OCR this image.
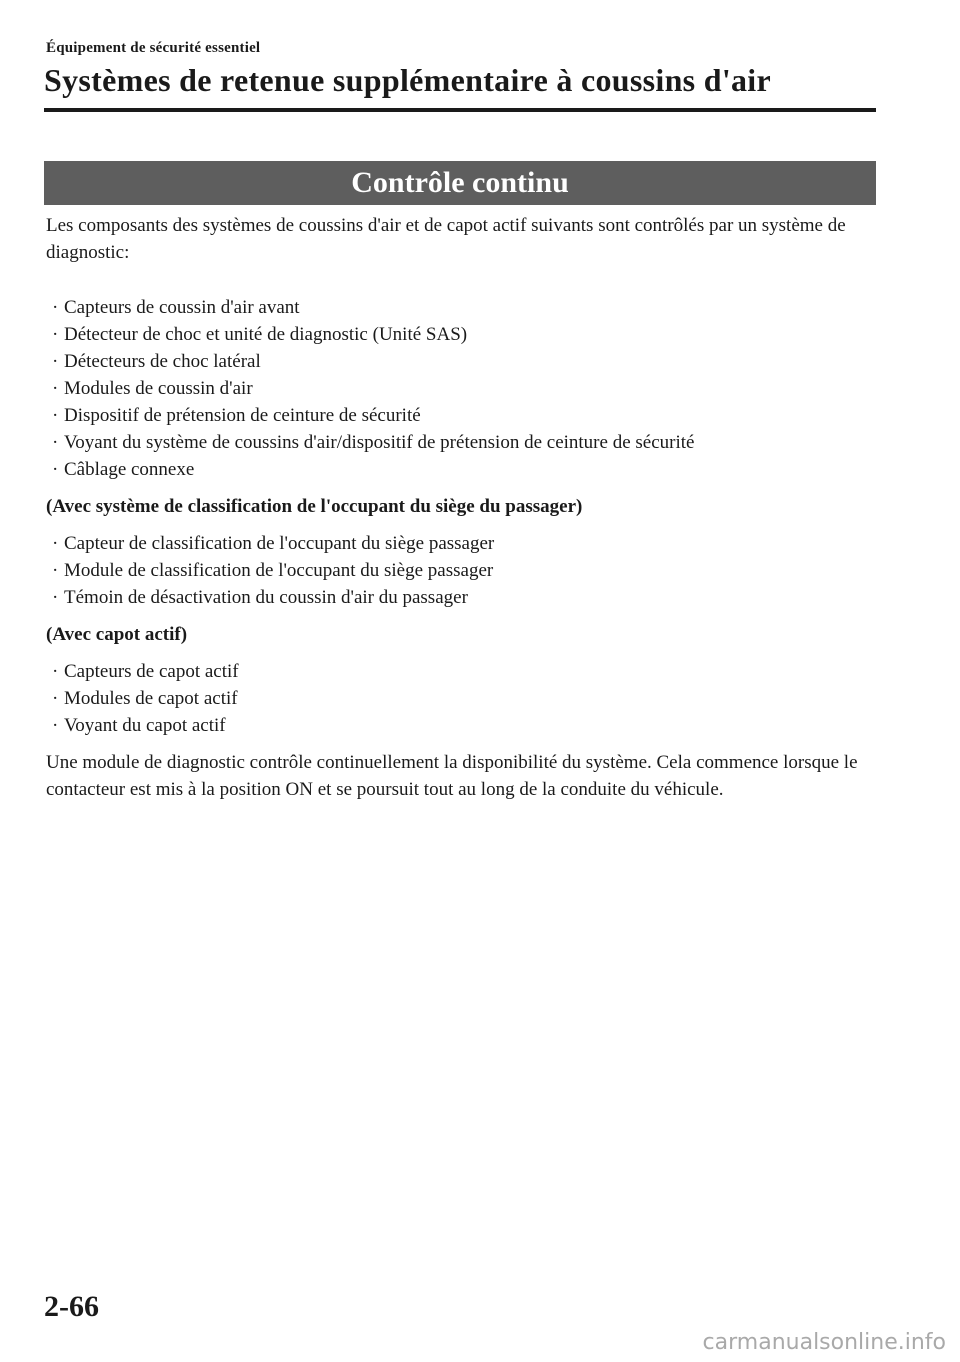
Équipement de sécurité essentiel
Systèmes de retenue supplémentaire à coussins d'air
Contrôle continu

Les composants des systèmes de coussins d'air et de capot actif suivants sont contrôlés par un système de diagnostic:

· Capteurs de coussin d'air avant
· Détecteur de choc et unité de diagnostic (Unité SAS)
· Détecteurs de choc latéral
· Modules de coussin d'air
· Dispositif de prétension de ceinture de sécurité
· Voyant du système de coussins d'air/dispositif de prétension de ceinture de sécurité
· Câblage connexe

(Avec système de classification de l'occupant du siège du passager)

· Capteur de classification de l'occupant du siège passager
· Module de classification de l'occupant du siège passager
· Témoin de désactivation du coussin d'air du passager

(Avec capot actif)

· Capteurs de capot actif
· Modules de capot actif
· Voyant du capot actif

Une module de diagnostic contrôle continuellement la disponibilité du système. Cela commence lorsque le contacteur est mis à la position ON et se poursuit tout au long de la conduite du véhicule.

2-66
carmanualsonline.info
